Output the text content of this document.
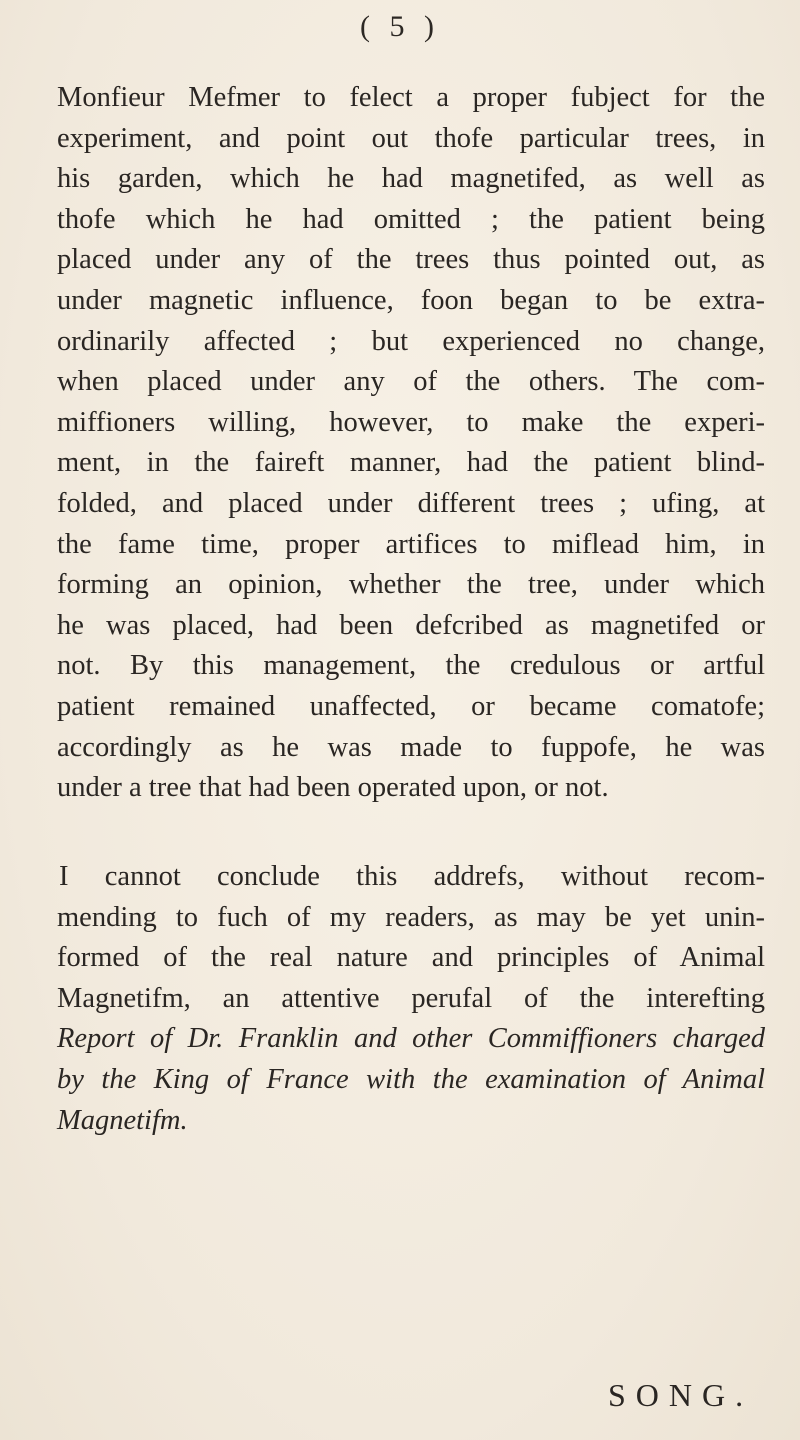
( 5 )
Monfieur Mefmer to felect a proper fubject for the
experiment, and point out thofe particular trees, in
his garden, which he had magnetifed, as well as
thofe which he had omitted ; the patient being
placed under any of the trees thus pointed out, as
under magnetic influence, foon began to be extra-
ordinarily affected ; but experienced no change,
when placed under any of the others. The com-
miffioners willing, however, to make the experi-
ment, in the faireft manner, had the patient blind-
folded, and placed under different trees ; ufing, at
the fame time, proper artifices to miflead him, in
forming an opinion, whether the tree, under which
he was placed, had been defcribed as magnetifed or
not. By this management, the credulous or artful
patient remained unaffected, or became comatofe;
accordingly as he was made to fuppofe, he was
under a tree that had been operated upon, or not.
I cannot conclude this addrefs, without recom-
mending to fuch of my readers, as may be yet unin-
formed of the real nature and principles of Animal
Magnetifm, an attentive perufal of the interefting
Report of Dr. Franklin and other Commiffioners charged
by the King of France with the examination of Animal
Magnetifm.
SONG.
